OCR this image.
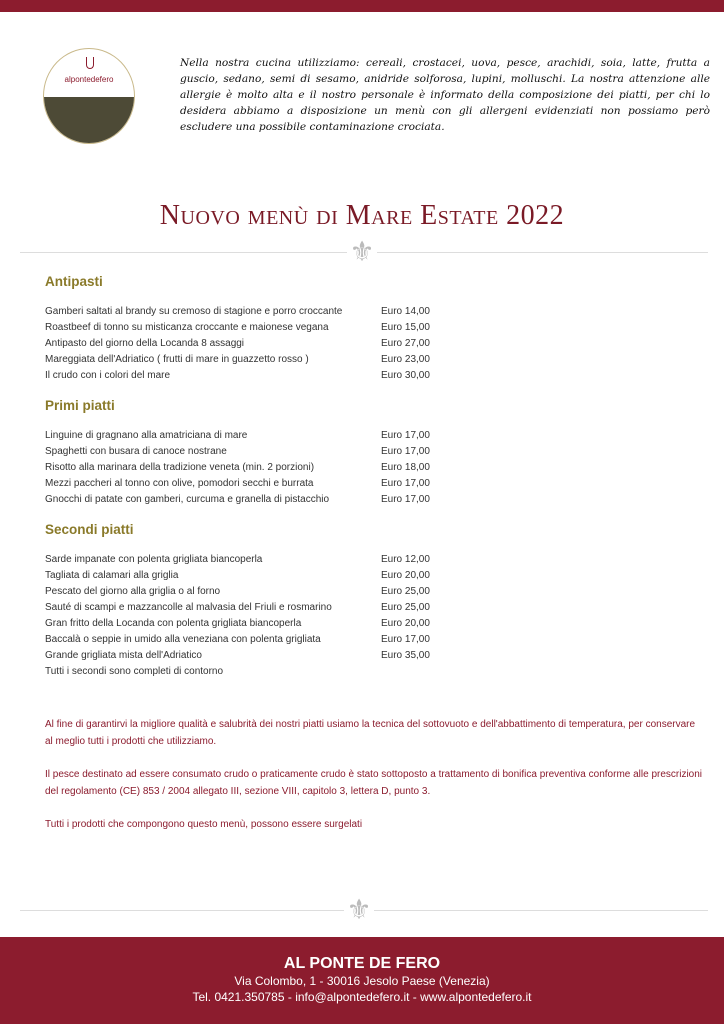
alpontedefero
Nella nostra cucina utilizziamo: cereali, crostacei, uova, pesce, arachidi, soia, latte, frutta a guscio, sedano, semi di sesamo, anidride solforosa, lupini, molluschi. La nostra attenzione alle allergie è molto alta e il nostro personale è informato della composizione dei piatti, per chi lo desidera abbiamo a disposizione un menù con gli allergeni evidenziati non possiamo però escludere una possibile contaminazione crociata.
Nuovo menù di Mare Estate 2022
⚜
Antipasti
Gamberi saltati al brandy su cremoso di stagione e porro croccante	Euro 14,00
Roastbeef di tonno su misticanza croccante e maionese vegana	Euro 15,00
Antipasto del giorno della Locanda 8 assaggi	Euro 27,00
Mareggiata dell'Adriatico ( frutti di mare in guazzetto rosso )	Euro 23,00
Il crudo con i colori del mare	Euro 30,00
Primi piatti
Linguine di gragnano alla amatriciana di mare	Euro 17,00
Spaghetti con busara di canoce nostrane	Euro 17,00
Risotto alla marinara della tradizione veneta (min. 2 porzioni)	Euro 18,00
Mezzi paccheri al tonno con olive, pomodori secchi e burrata	Euro 17,00
Gnocchi di patate con gamberi, curcuma e granella di pistacchio	Euro 17,00
Secondi piatti
Sarde impanate con polenta grigliata biancoperla	Euro 12,00
Tagliata di calamari alla griglia	Euro 20,00
Pescato del giorno alla griglia o al forno	Euro 25,00
Sauté di scampi e mazzancolle al malvasia del Friuli e rosmarino	Euro 25,00
Gran fritto della Locanda con polenta grigliata biancoperla	Euro 20,00
Baccalà o seppie in umido alla veneziana con polenta grigliata	Euro 17,00
Grande grigliata mista dell'Adriatico	Euro 35,00
Tutti i secondi sono completi di contorno

Al fine di garantirvi la migliore qualità e salubrità dei nostri piatti usiamo la tecnica del sottovuoto e dell'abbattimento di temperatura, per conservare al meglio tutti i prodotti che utilizziamo.

Il pesce destinato ad essere consumato crudo o praticamente crudo è stato sottoposto a trattamento di bonifica preventiva conforme alle prescrizioni del regolamento (CE) 853 / 2004 allegato III, sezione VIII, capitolo 3, lettera D, punto 3.

Tutti i prodotti che compongono questo menù, possono essere surgelati

⚜
AL PONTE DE FERO
Via Colombo, 1 - 30016 Jesolo Paese (Venezia)
Tel. 0421.350785 - info@alpontedefero.it - www.alpontedefero.it
